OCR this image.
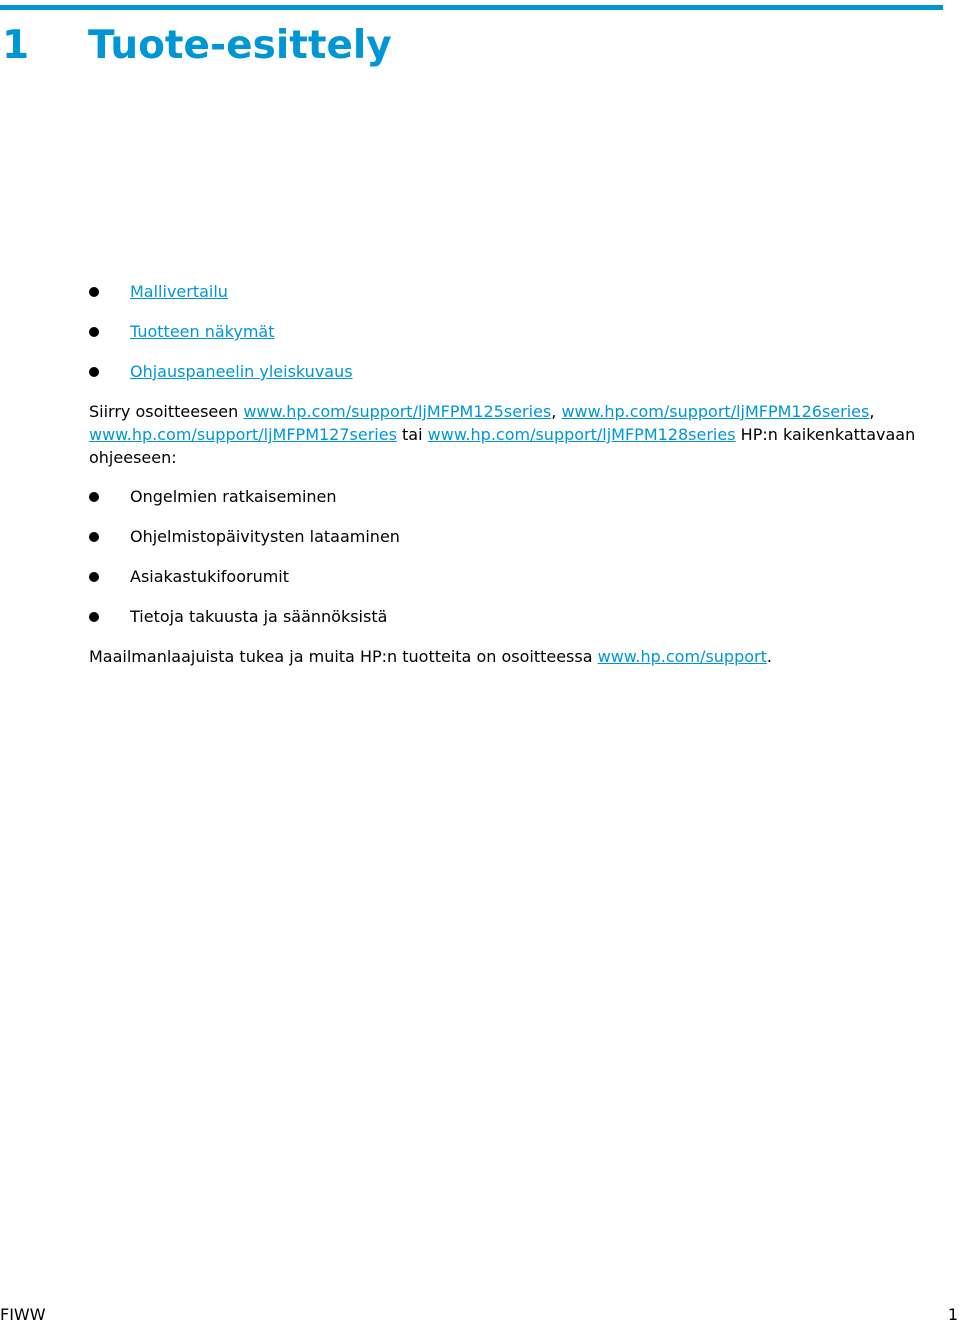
1 Tuote-esittely
Mallivertailu
Tuotteen näkymät
Ohjauspaneelin yleiskuvaus

Siirry osoitteeseen www.hp.com/support/ljMFPM125series, www.hp.com/support/ljMFPM126series, www.hp.com/support/ljMFPM127series tai www.hp.com/support/ljMFPM128series HP:n kaikenkattavaan ohjeeseen:

Ongelmien ratkaiseminen
Ohjelmistopäivitysten lataaminen
Asiakastukifoorumit
Tietoja takuusta ja säännöksistä

Maailmanlaajuista tukea ja muita HP:n tuotteita on osoitteessa www.hp.com/support.

FIWW	1
